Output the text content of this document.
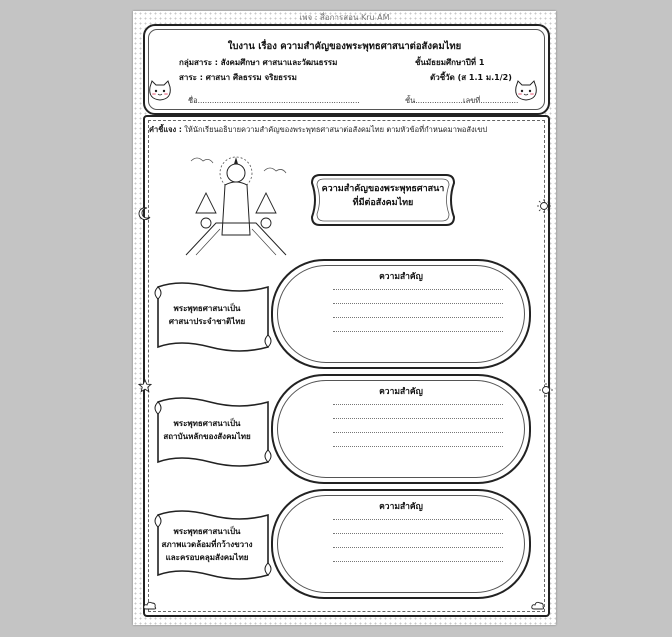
เพจ : สื่อการสอน Kru AM
ใบงาน เรื่อง ความสำคัญของพระพุทธศาสนาต่อสังคมไทย
กลุ่มสาระ : สังคมศึกษา ศาสนาและวัฒนธรรม	ชั้นมัธยมศึกษาปีที่ 1
สาระ : ศาสนา ศีลธรรม จริยธรรม	ตัวชี้วัด (ส 1.1 ม.1/2)
ชื่อ....................................................................	ชั้น.....................
เลขที่................
คำชี้แจง : ให้นักเรียนอธิบายความสำคัญของพระพุทธศาสนาต่อสังคมไทย ตามหัวข้อที่กำหนดมาพอสังเขป
ความสำคัญของพระพุทธศาสนา
ที่มีต่อสังคมไทย
ความสำคัญ
พระพุทธศาสนาเป็น
ศาสนาประจำชาติไทย
ความสำคัญ
พระพุทธศาสนาเป็น
สถาบันหลักของสังคมไทย
ความสำคัญ
พระพุทธศาสนาเป็น
สภาพแวดล้อมที่กว้างขวาง
และครอบคลุมสังคมไทย
